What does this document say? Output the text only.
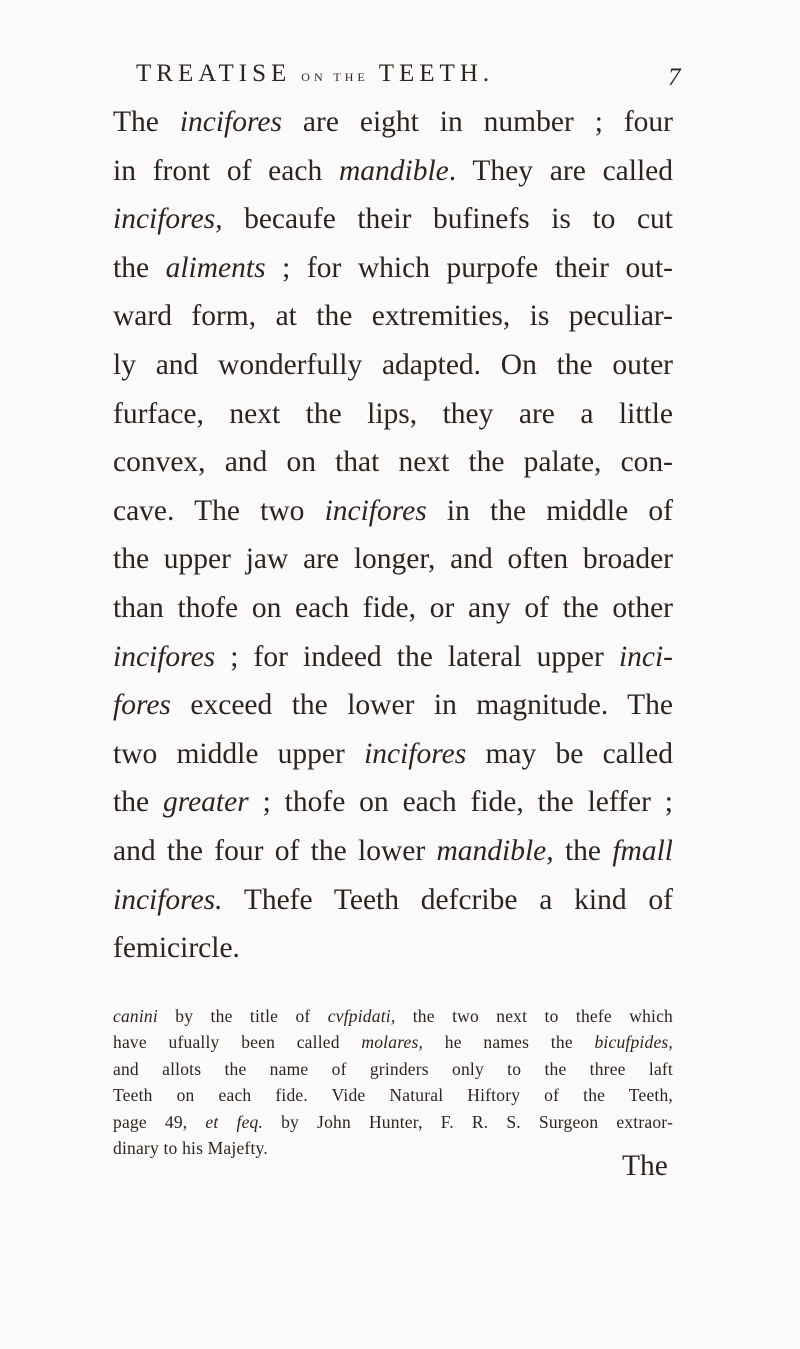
TREATISE ON THE TEETH.	7
The incifores are eight in number ; four
in front of each mandible. They are called
incifores, becaufe their bufinefs is to cut
the aliments ; for which purpofe their out-
ward form, at the extremities, is peculiar-
ly and wonderfully adapted. On the outer
furface, next the lips, they are a little
convex, and on that next the palate, con-
cave. The two incifores in the middle of
the upper jaw are longer, and often broader
than thofe on each fide, or any of the other
incifores ; for indeed the lateral upper inci-
fores exceed the lower in magnitude. The
two middle upper incifores may be called
the greater ; thofe on each fide, the leffer ;
and the four of the lower mandible, the fmall
incifores. Thefe Teeth defcribe a kind of
femicircle.
canini by the title of cvfpidati, the two next to thefe which
have ufually been called molares, he names the bicufpides,
and allots the name of grinders only to the three laft
Teeth on each fide. Vide Natural Hiftory of the Teeth,
page 49, et feq. by John Hunter, F. R. S. Surgeon extraor-
dinary to his Majefty.
The
